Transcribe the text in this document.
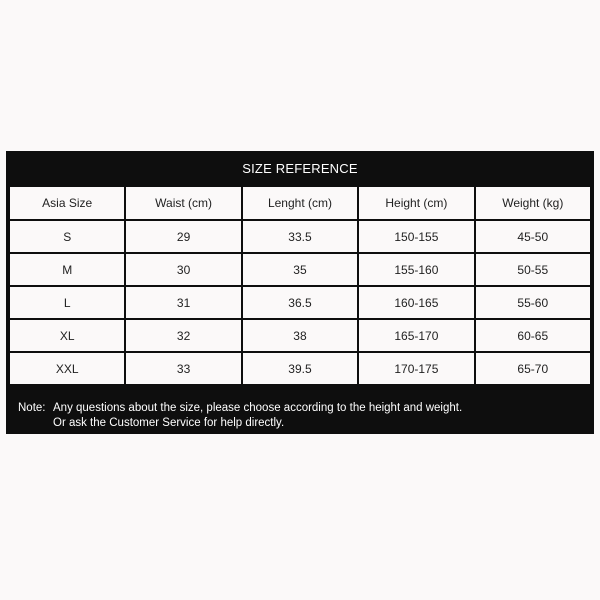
SIZE REFERENCE
Asia Size	Waist (cm)	Lenght (cm)	Height (cm)	Weight (kg)
S	29	33.5	150-155	45-50
M	30	35	155-160	50-55
L	31	36.5	160-165	55-60
XL	32	38	165-170	60-65
XXL	33	39.5	170-175	65-70
Note: Any questions about the size, please choose according to the height and weight.
Or ask the Customer Service for help directly.
